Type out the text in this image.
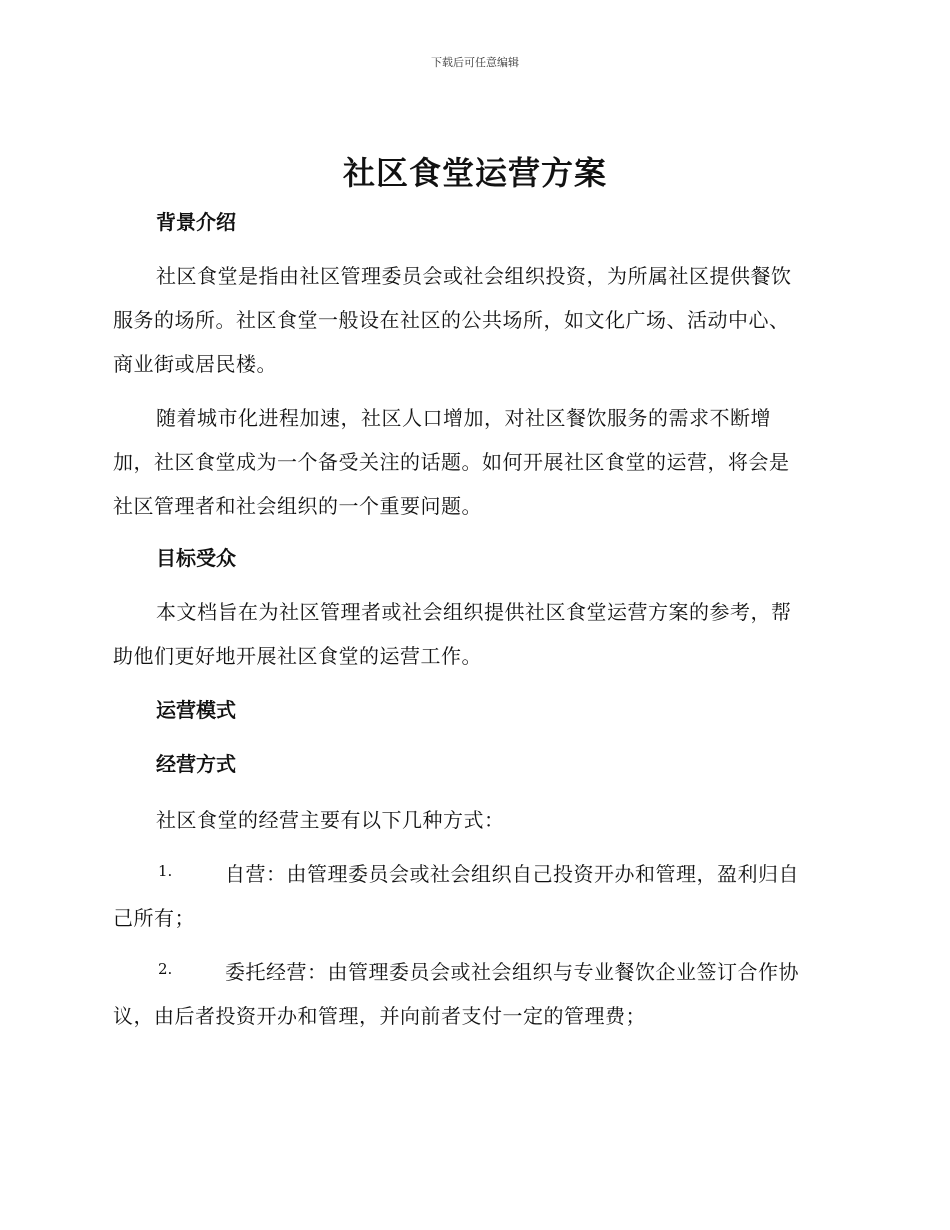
下载后可任意编辑
社区食堂运营方案
背景介绍
社区食堂是指由社区管理委员会或社会组织投资，为所属社区提供餐饮
服务的场所。社区食堂一般设在社区的公共场所，如文化广场、活动中心、
商业街或居民楼。
随着城市化进程加速，社区人口增加，对社区餐饮服务的需求不断增
加，社区食堂成为一个备受关注的话题。如何开展社区食堂的运营，将会是
社区管理者和社会组织的一个重要问题。
目标受众
本文档旨在为社区管理者或社会组织提供社区食堂运营方案的参考，帮
助他们更好地开展社区食堂的运营工作。
运营模式
经营方式
社区食堂的经营主要有以下几种方式：
1.	自营：由管理委员会或社会组织自己投资开办和管理，盈利归自
己所有；
2.	委托经营：由管理委员会或社会组织与专业餐饮企业签订合作协
议，由后者投资开办和管理，并向前者支付一定的管理费；
